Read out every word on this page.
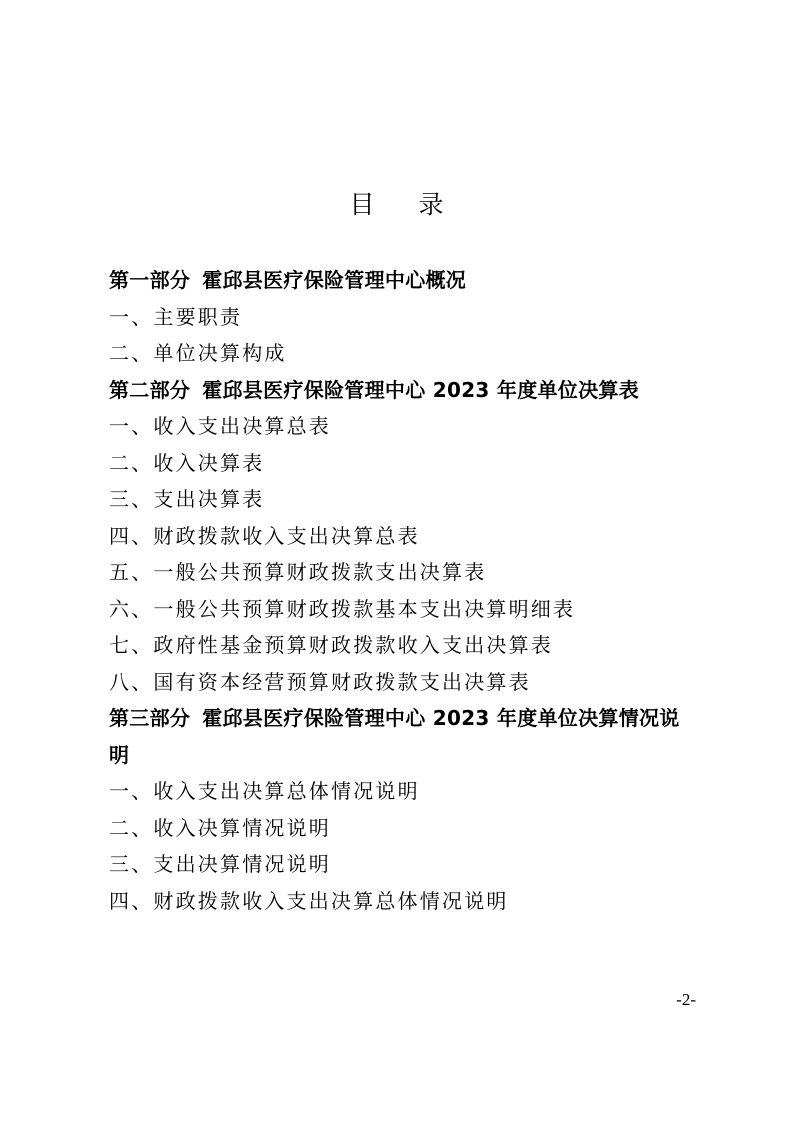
目 录
第一部分 霍邱县医疗保险管理中心概况
一、主要职责
二、单位决算构成
第二部分 霍邱县医疗保险管理中心 2023 年度单位决算表
一、收入支出决算总表
二、收入决算表
三、支出决算表
四、财政拨款收入支出决算总表
五、一般公共预算财政拨款支出决算表
六、一般公共预算财政拨款基本支出决算明细表
七、政府性基金预算财政拨款收入支出决算表
八、国有资本经营预算财政拨款支出决算表
第三部分 霍邱县医疗保险管理中心 2023 年度单位决算情况说明
一、收入支出决算总体情况说明
二、收入决算情况说明
三、支出决算情况说明
四、财政拨款收入支出决算总体情况说明
-2-
